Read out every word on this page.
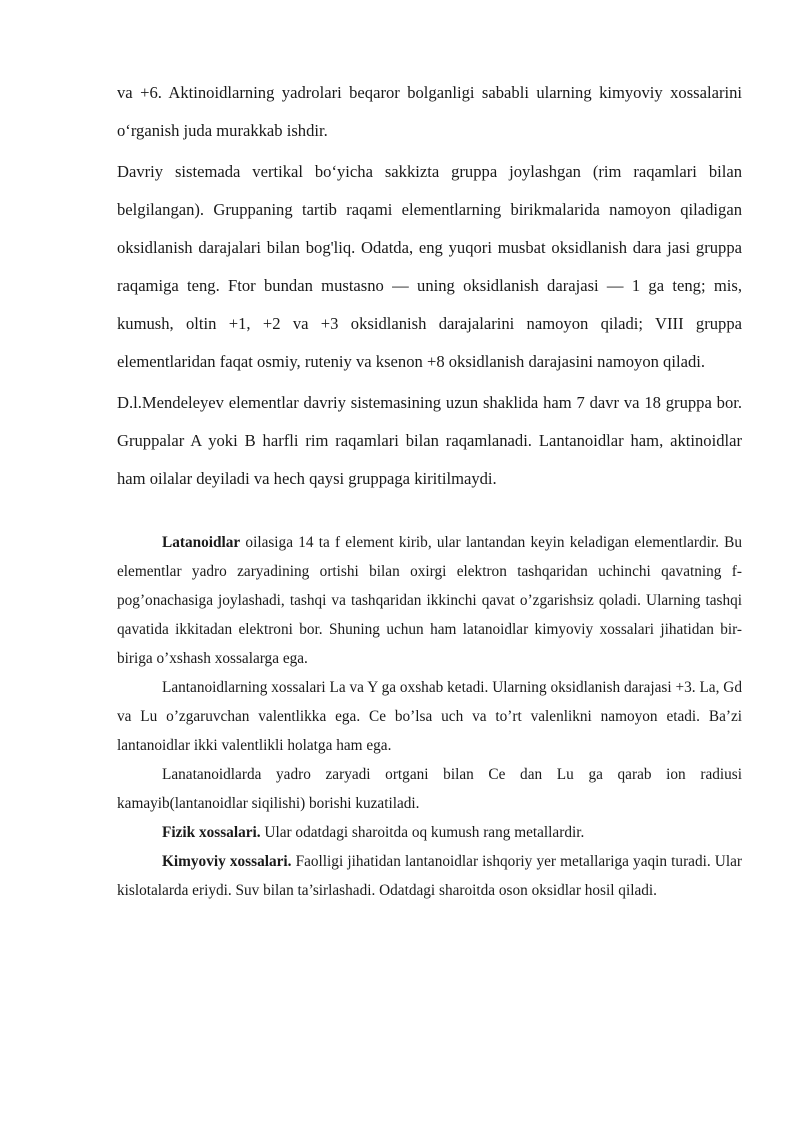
va +6. Aktinoidlarning yadrolari beqaror bolganligi sababli ularning kimyoviy xossalarini o‘rganish juda murakkab ishdir.

Davriy sistemada vertikal bo‘yicha sakkizta gruppa joylashgan (rim raqamlari bilan belgilangan). Gruppaning tartib raqami elementlarning birikmalarida namoyon qiladigan oksidlanish darajalari bilan bog'liq. Odatda, eng yuqori musbat oksidlanish dara jasi gruppa raqamiga teng. Ftor bundan mustasno — uning oksidlanish darajasi — 1 ga teng; mis, kumush, oltin +1, +2 va +3 oksidlanish darajalarini namoyon qiladi; VIII gruppa elementlaridan faqat osmiy, ruteniy va ksenon +8 oksidlanish darajasini namoyon qiladi.

D.l.Mendeleyev elementlar davriy sistemasining uzun shaklida ham 7 davr va 18 gruppa bor. Gruppalar A yoki B harfli rim raqamlari bilan raqamlanadi. Lantanoidlar ham, aktinoidlar ham oilalar deyiladi va hech qaysi gruppaga kiritilmaydi.

Latanoidlar oilasiga 14 ta f element kirib, ular lantandan keyin keladigan elementlardir. Bu elementlar yadro zaryadining ortishi bilan oxirgi elektron tashqaridan uchinchi qavatning f-pog’onachasiga joylashadi, tashqi va tashqaridan ikkinchi qavat o’zgarishsiz qoladi. Ularning tashqi qavatida ikkitadan elektroni bor. Shuning uchun ham latanoidlar kimyoviy xossalari jihatidan bir-biriga o’xshash xossalarga ega.

Lantanoidlarning xossalari La va Y ga oxshab ketadi. Ularning oksidlanish darajasi +3. La, Gd va Lu o’zgaruvchan valentlikka ega. Ce bo’lsa uch va to’rt valenlikni namoyon etadi. Ba’zi lantanoidlar ikki valentlikli holatga ham ega.

Lanatanoidlarda yadro zaryadi ortgani bilan Ce dan Lu ga qarab ion radiusi kamayib(lantanoidlar siqilishi) borishi kuzatiladi.

Fizik xossalari. Ular odatdagi sharoitda oq kumush rang metallardir.

Kimyoviy xossalari. Faolligi jihatidan lantanoidlar ishqoriy yer metallariga yaqin turadi. Ular kislotalarda eriydi. Suv bilan ta’sirlashadi. Odatdagi sharoitda oson oksidlar hosil qiladi.
